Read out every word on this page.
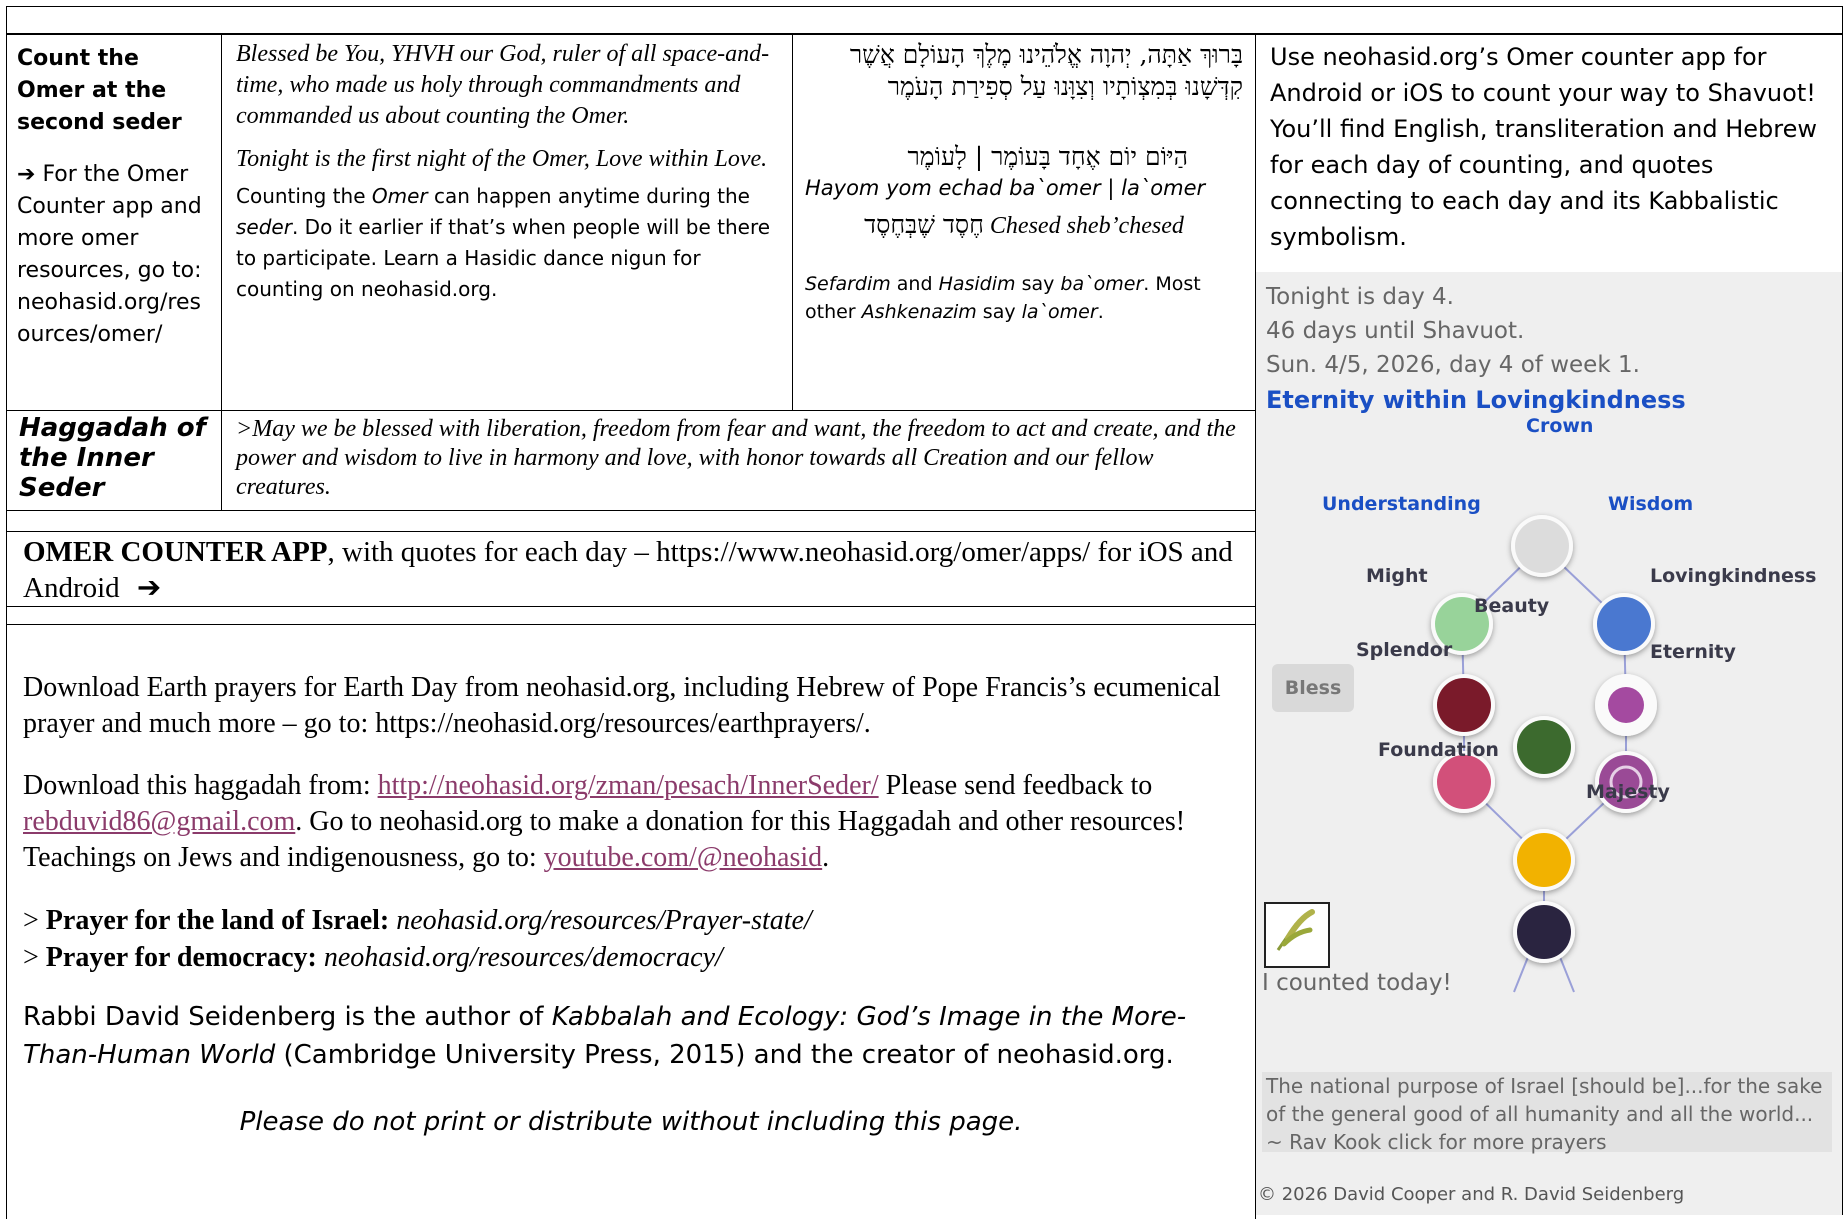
Count the Omer at the second seder
➔ For the Omer Counter app and more omer resources, go to: neohasid.org/res ources/omer/

Blessed be You, YHVH our God, ruler of all space-and-time, who made us holy through commandments and commanded us about counting the Omer.

Tonight is the first night of the Omer, Love within Love.

Counting the Omer can happen anytime during the seder. Do it earlier if that’s when people will be there to participate. Learn a Hasidic dance nigun for counting on neohasid.org.

בָּרוּךְ אַתָּה, יְהוָה אֱלֹהֵינוּ מֶלֶךְ הָעוֹלָם אֲשֶׁר קִדְּשָׁנוּ בְּמִצְוֹתָיו וְצִוָּנוּ עַל סְפִירַת הָעֹמֶר

הַיּוֹם יוֹם אֶחָד בָּעוֹמֶר | לָעוֹמֶר

Hayom yom echad ba`omer | la`omer

חֶסֶד שֶׁבְּחֶסֶד Chesed sheb’chesed

Sefardim and Hasidim say ba`omer. Most other Ashkenazim say la`omer.

Haggadah of the Inner Seder
>May we be blessed with liberation, freedom from fear and want, the freedom to act and create, and the power and wisdom to live in harmony and love, with honor towards all Creation and our fellow creatures.
OMER COUNTER APP, with quotes for each day – https://www.neohasid.org/omer/apps/ for iOS and Android ➔

Download Earth prayers for Earth Day from neohasid.org, including Hebrew of Pope Francis’s ecumenical prayer and much more – go to: https://neohasid.org/resources/earthprayers/.

Download this haggadah from: http://neohasid.org/zman/pesach/InnerSeder/ Please send feedback to rebduvid86@gmail.com. Go to neohasid.org to make a donation for this Haggadah and other resources! Teachings on Jews and indigenousness, go to: youtube.com/@neohasid.

> Prayer for the land of Israel: neohasid.org/resources/Prayer-state/

> Prayer for democracy: neohasid.org/resources/democracy/

Rabbi David Seidenberg is the author of Kabbalah and Ecology: God’s Image in the More-Than-Human World (Cambridge University Press, 2015) and the creator of neohasid.org.

Please do not print or distribute without including this page.

Use neohasid.org’s Omer counter app for Android or iOS to count your way to Shavuot! You’ll find English, transliteration and Hebrew for each day of counting, and quotes connecting to each day and its Kabbalistic symbolism.
Tonight is day 4.
46 days until Shavuot.
Sun. 4/5, 2026, day 4 of week 1.
Eternity within Lovingkindness
Bless
Crown
Wisdom
Understanding
Lovingkindness
Might
Beauty
Eternity
Splendor
Foundation
Majesty
I counted today!
The national purpose of Israel [should be]...for the sake of the general good of all humanity and all the world... ~ Rav Kook click for more prayers
© 2026 David Cooper and R. David Seidenberg
